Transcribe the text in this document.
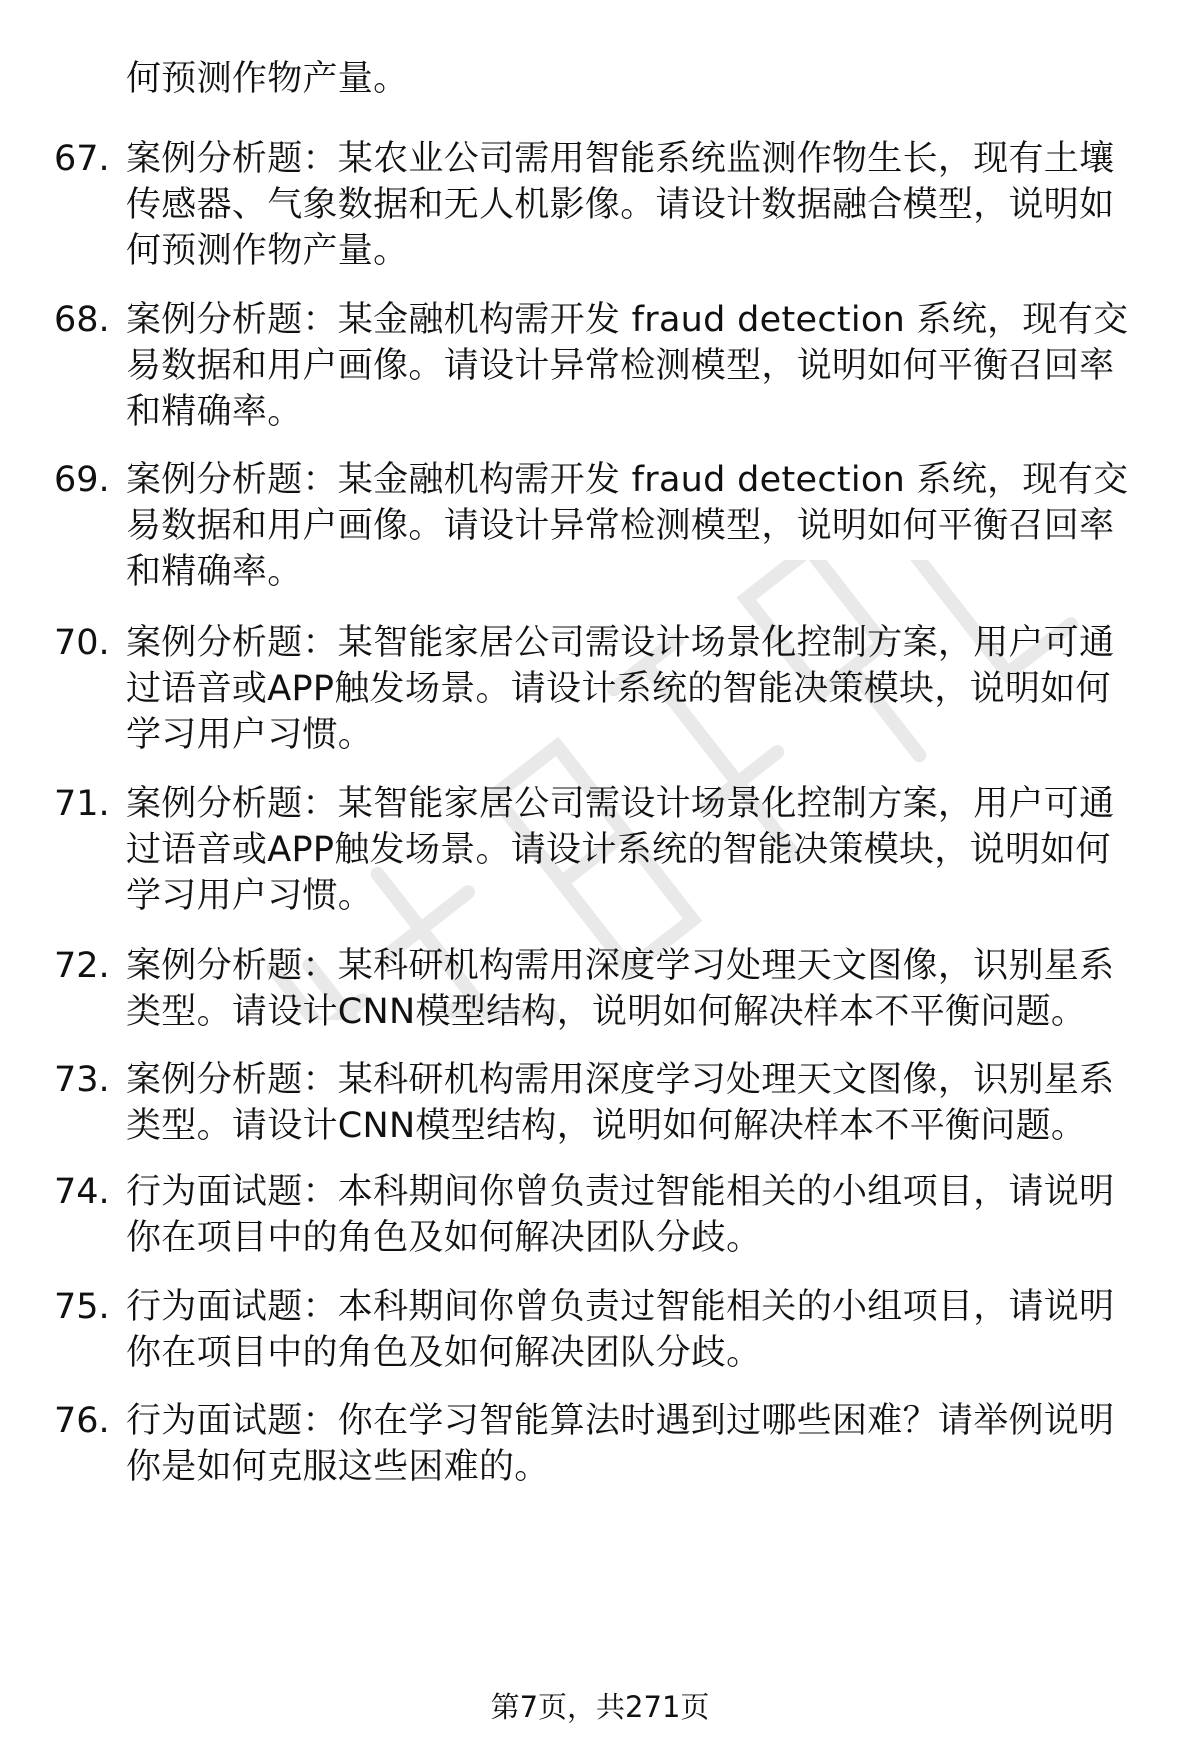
何预测作物产量。
67. 案例分析题：某农业公司需用智能系统监测作物生长，现有土壤
传感器、气象数据和无人机影像。请设计数据融合模型，说明如
何预测作物产量。
68. 案例分析题：某金融机构需开发 fraud detection 系统，现有交
易数据和用户画像。请设计异常检测模型，说明如何平衡召回率
和精确率。
69. 案例分析题：某金融机构需开发 fraud detection 系统，现有交
易数据和用户画像。请设计异常检测模型，说明如何平衡召回率
和精确率。
70. 案例分析题：某智能家居公司需设计场景化控制方案，用户可通
过语音或APP触发场景。请设计系统的智能决策模块，说明如何
学习用户习惯。
71. 案例分析题：某智能家居公司需设计场景化控制方案，用户可通
过语音或APP触发场景。请设计系统的智能决策模块，说明如何
学习用户习惯。
72. 案例分析题：某科研机构需用深度学习处理天文图像，识别星系
类型。请设计CNN模型结构，说明如何解决样本不平衡问题。
73. 案例分析题：某科研机构需用深度学习处理天文图像，识别星系
类型。请设计CNN模型结构，说明如何解决样本不平衡问题。
74. 行为面试题：本科期间你曾负责过智能相关的小组项目，请说明
你在项目中的角色及如何解决团队分歧。
75. 行为面试题：本科期间你曾负责过智能相关的小组项目，请说明
你在项目中的角色及如何解决团队分歧。
76. 行为面试题：你在学习智能算法时遇到过哪些困难？请举例说明
你是如何克服这些困难的。
第7页，共271页
